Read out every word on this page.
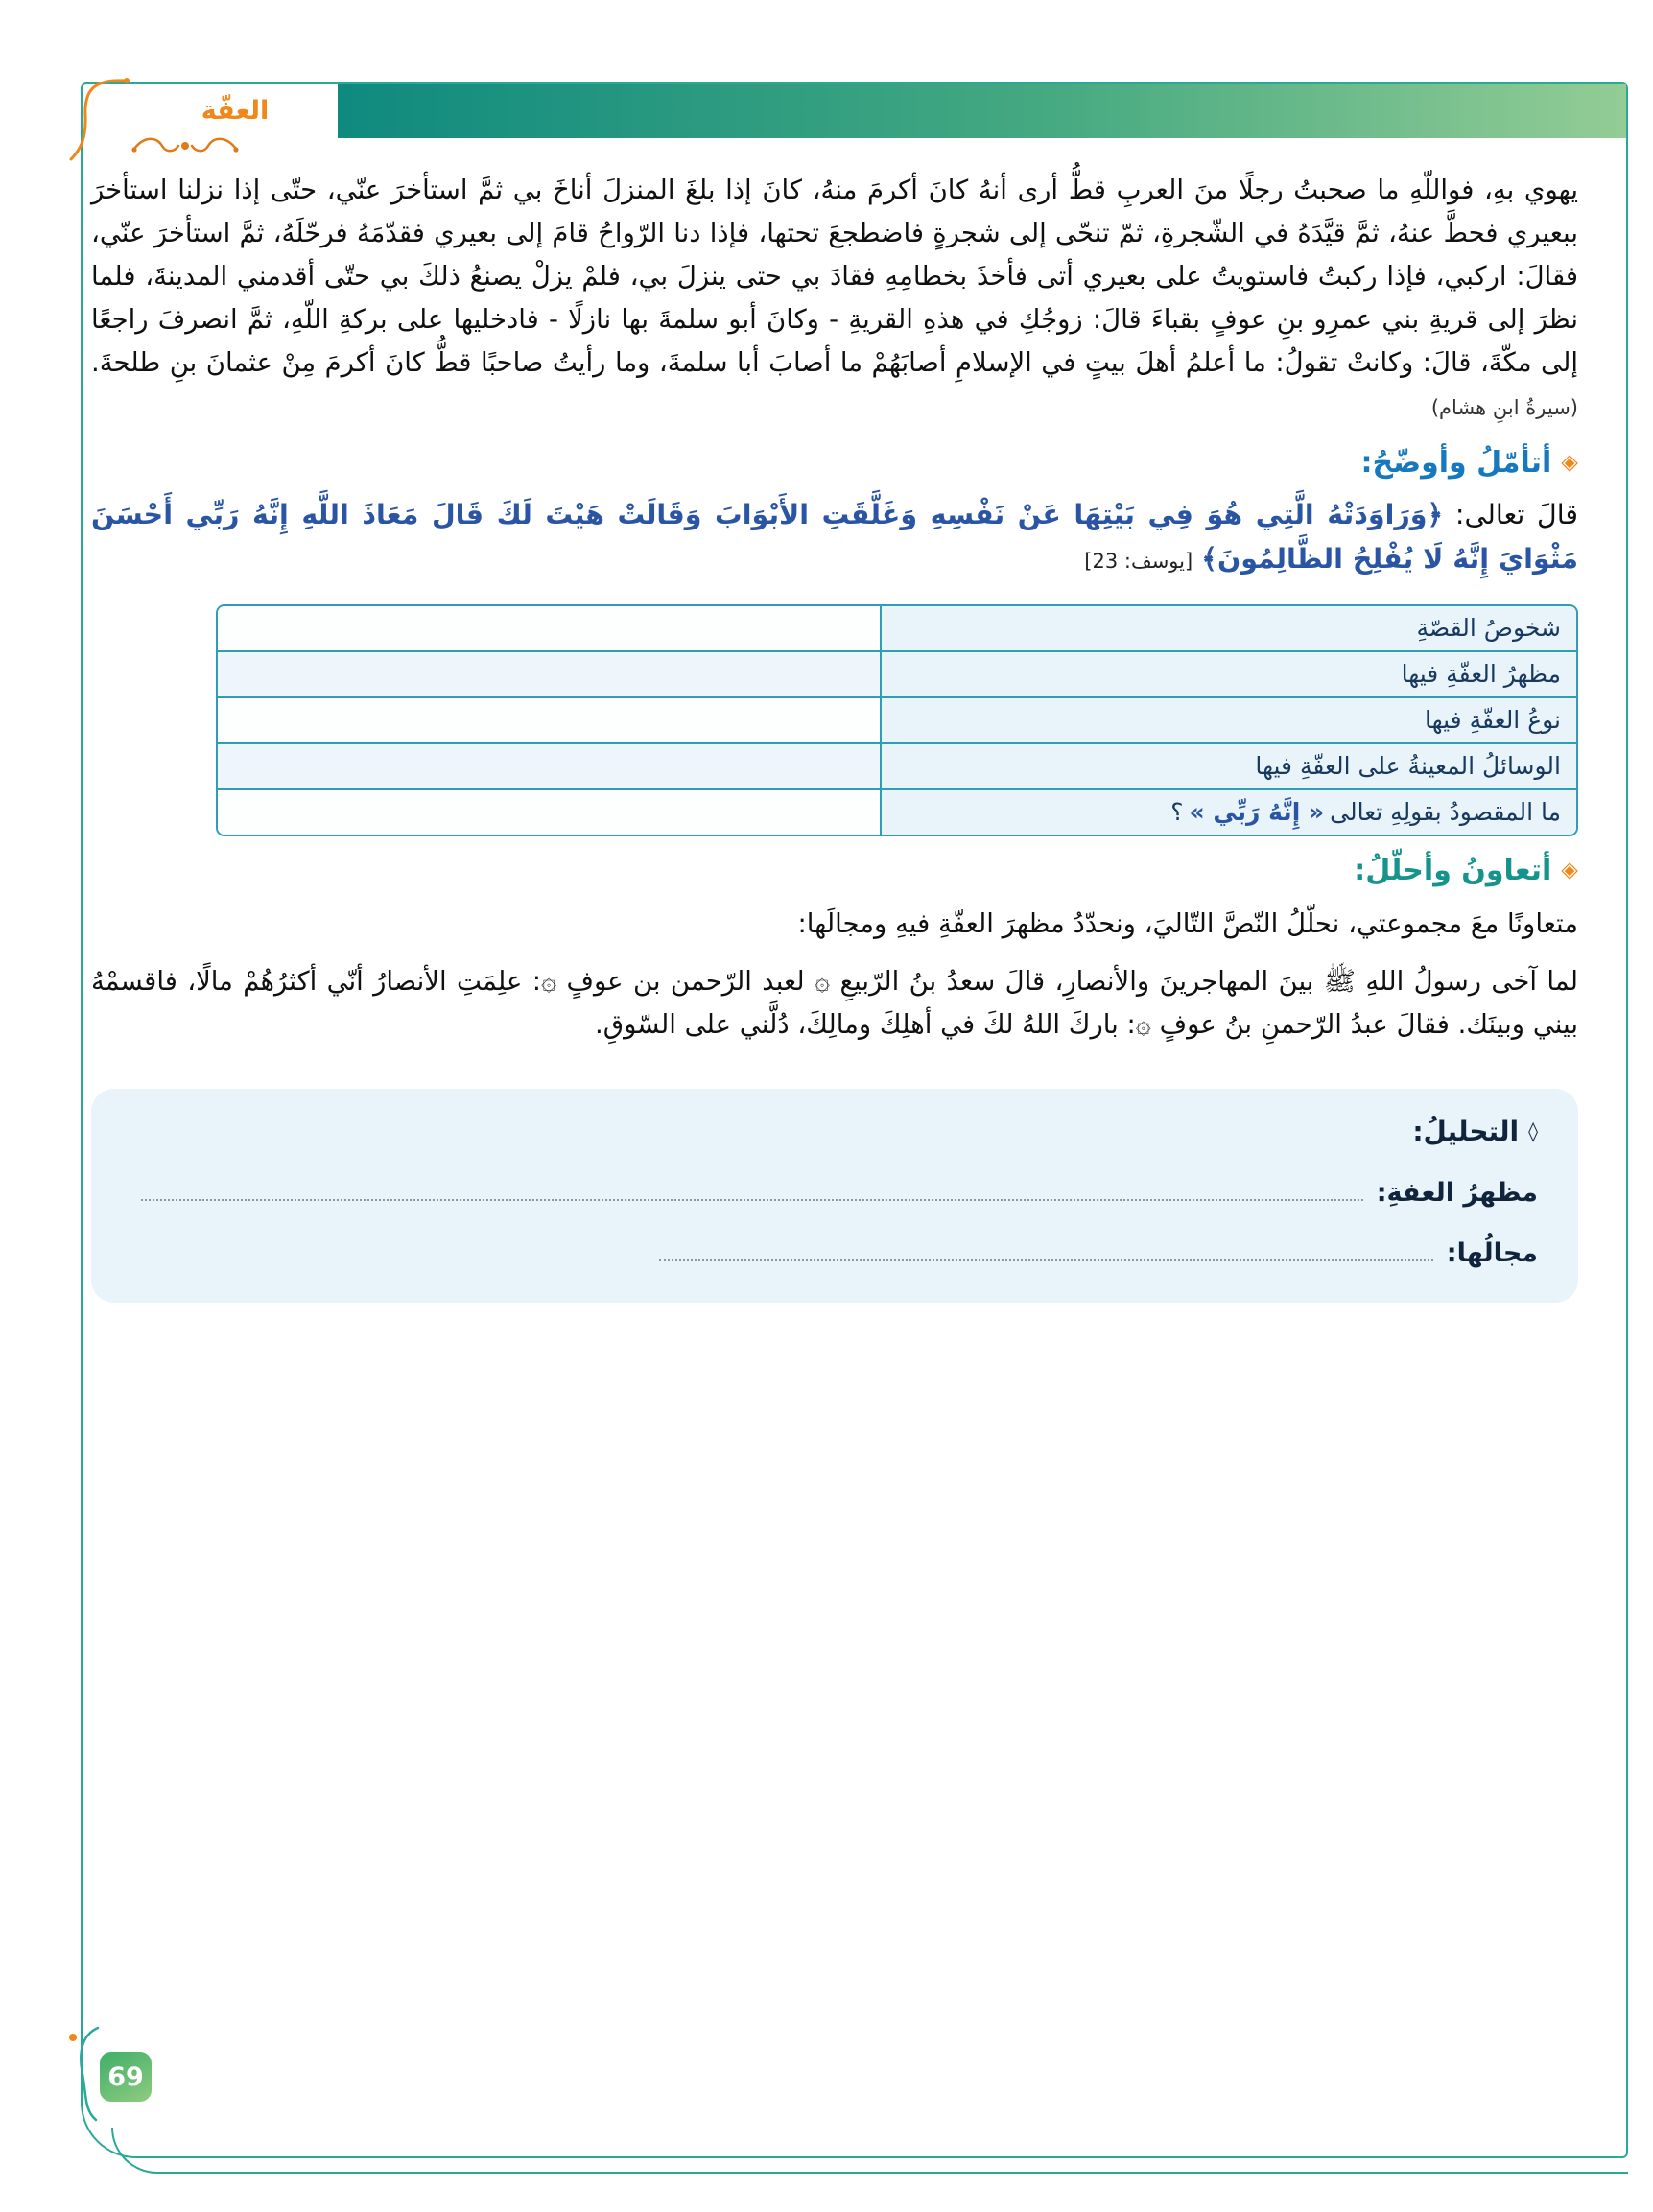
العفّة

يهوي بهِ، فواللّهِ ما صحبتُ رجلًا منَ العربِ قطُّ أرى أنهُ كانَ أكرمَ منهُ، كانَ إذا بلغَ المنزلَ أناخَ بي ثمَّ استأخرَ عنّي، حتّى إذا نزلنا استأخرَ ببعيري فحطَّ عنهُ، ثمَّ قيَّدَهُ في الشّجرةِ، ثمّ تنحّى إلى شجرةٍ فاضطجعَ تحتها، فإذا دنا الرّواحُ قامَ إلى بعيري فقدّمَهُ فرحّلَهُ، ثمَّ استأخرَ عنّي، فقالَ: اركبي، فإذا ركبتُ فاستويتُ على بعيري أتى فأخذَ بخطامِهِ فقادَ بي حتى ينزلَ بي، فلمْ يزلْ يصنعُ ذلكَ بي حتّى أقدمني المدينةَ، فلما نظرَ إلى قريةِ بني عمرِو بنِ عوفٍ بقباءَ قالَ: زوجُكِ في هذهِ القريةِ - وكانَ أبو سلمةَ بها نازلًا - فادخليها على بركةِ اللّهِ، ثمَّ انصرفَ راجعًا إلى مكّةَ، قالَ: وكانتْ تقولُ: ما أعلمُ أهلَ بيتٍ في الإسلامِ أصابَهُمْ ما أصابَ أبا سلمةَ، وما رأيتُ صاحبًا قطُّ كانَ أكرمَ مِنْ عثمانَ بنِ طلحةَ. (سيرةُ ابنِ هشام)

◈
أتأمّلُ وأوضّحُ:

قالَ تعالى: ﴿وَرَاوَدَتْهُ الَّتِي هُوَ فِي بَيْتِهَا عَنْ نَفْسِهِ وَغَلَّقَتِ الأَبْوَابَ وَقَالَتْ هَيْتَ لَكَ قَالَ مَعَاذَ اللَّهِ إِنَّهُ رَبِّي أَحْسَنَ مَثْوَايَ إِنَّهُ لَا يُفْلِحُ الظَّالِمُونَ﴾ [يوسف: 23]

شخوصُ القصّةِ
مظهرُ العفّةِ فيها
نوعُ العفّةِ فيها
الوسائلُ المعينةُ على العفّةِ فيها
ما المقصودُ بقولِهِ تعالى
« إِنَّهُ رَبِّي »
؟
◈
أتعاونُ وأحلّلُ:

متعاونًا معَ مجموعتي، نحلّلُ النّصَّ التّاليَ، ونحدّدُ مظهرَ العفّةِ فيهِ ومجالَها:

لما آخى رسولُ اللهِ ﷺ بينَ المهاجرينَ والأنصارِ، قالَ سعدُ بنُ الرّبيعِ ۞ لعبد الرّحمن بن عوفٍ ۞: علِمَتِ الأنصارُ أنّي أكثرُهُمْ مالًا، فاقسمْهُ بيني وبينَك. فقالَ عبدُ الرّحمنِ بنُ عوفٍ ۞: باركَ اللهُ لكَ في أهلِكَ ومالِكَ، دُلَّني على السّوقِ.

◊
التحليلُ:
مظهرُ العفةِ:
مجالُها:
69
